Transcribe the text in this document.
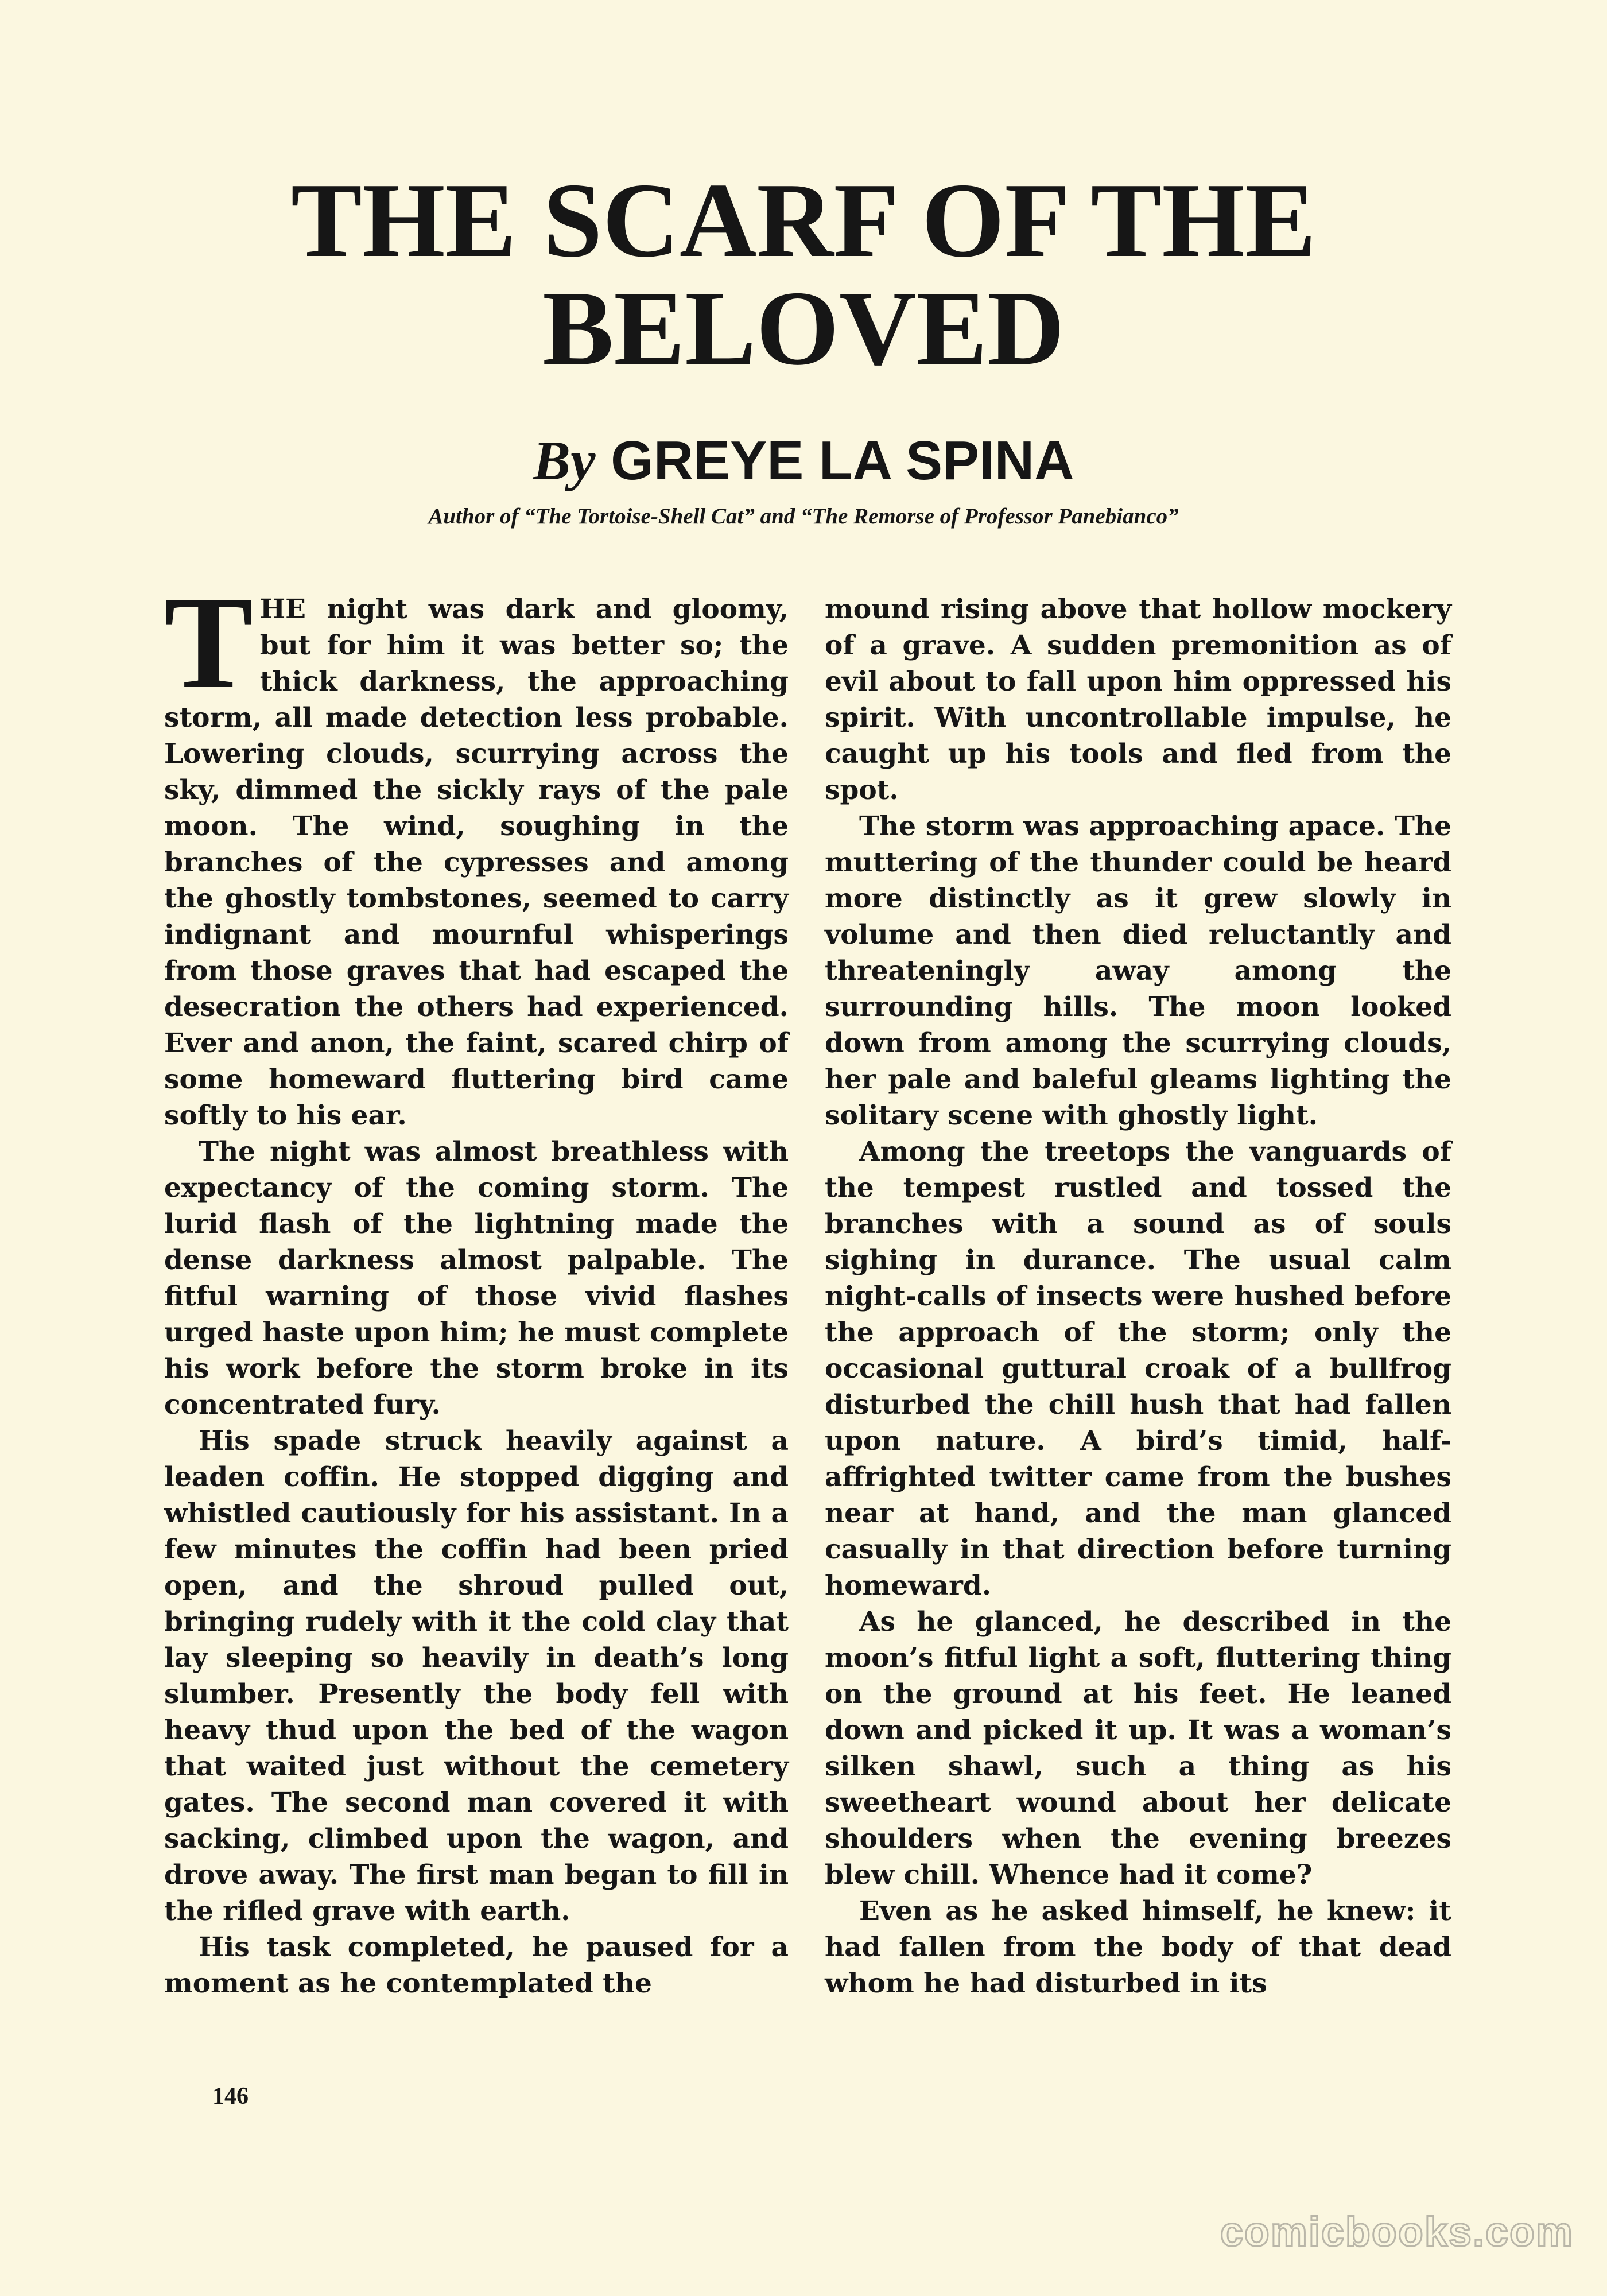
THE SCARF OF THE
BELOVED
By GREYE LA SPINA
Author of “The Tortoise-Shell Cat” and “The Remorse of Professor Panebianco”

THE night was dark and gloomy, but for him it was better so; the thick darkness, the approaching storm, all made detection less probable. Lowering clouds, scurrying across the sky, dimmed the sickly rays of the pale moon. The wind, soughing in the branches of the cypresses and among the ghostly tombstones, seemed to carry indignant and mournful whisperings from those graves that had escaped the desecration the others had experienced. Ever and anon, the faint, scared chirp of some homeward fluttering bird came softly to his ear.

The night was almost breathless with expectancy of the coming storm. The lurid flash of the lightning made the dense darkness almost palpable. The fitful warning of those vivid flashes urged haste upon him; he must complete his work before the storm broke in its concentrated fury.

His spade struck heavily against a leaden coffin. He stopped digging and whistled cautiously for his assistant. In a few minutes the coffin had been pried open, and the shroud pulled out, bringing rudely with it the cold clay that lay sleeping so heavily in death’s long slumber. Presently the body fell with heavy thud upon the bed of the wagon that waited just without the cemetery gates. The second man covered it with sacking, climbed upon the wagon, and drove away. The first man began to fill in the rifled grave with earth.

His task completed, he paused for a moment as he contemplated the

mound rising above that hollow mockery of a grave. A sudden premonition as of evil about to fall upon him oppressed his spirit. With uncontrollable impulse, he caught up his tools and fled from the spot.

The storm was approaching apace. The muttering of the thunder could be heard more distinctly as it grew slowly in volume and then died reluctantly and threateningly away among the surrounding hills. The moon looked down from among the scurrying clouds, her pale and baleful gleams lighting the solitary scene with ghostly light.

Among the treetops the vanguards of the tempest rustled and tossed the branches with a sound as of souls sighing in durance. The usual calm night-calls of insects were hushed before the approach of the storm; only the occasional guttural croak of a bullfrog disturbed the chill hush that had fallen upon nature. A bird’s timid, half-affrighted twitter came from the bushes near at hand, and the man glanced casually in that direction before turning homeward.

As he glanced, he described in the moon’s fitful light a soft, fluttering thing on the ground at his feet. He leaned down and picked it up. It was a woman’s silken shawl, such a thing as his sweetheart wound about her delicate shoulders when the evening breezes blew chill. Whence had it come?

Even as he asked himself, he knew: it had fallen from the body of that dead whom he had disturbed in its

146
comicbooks.com
